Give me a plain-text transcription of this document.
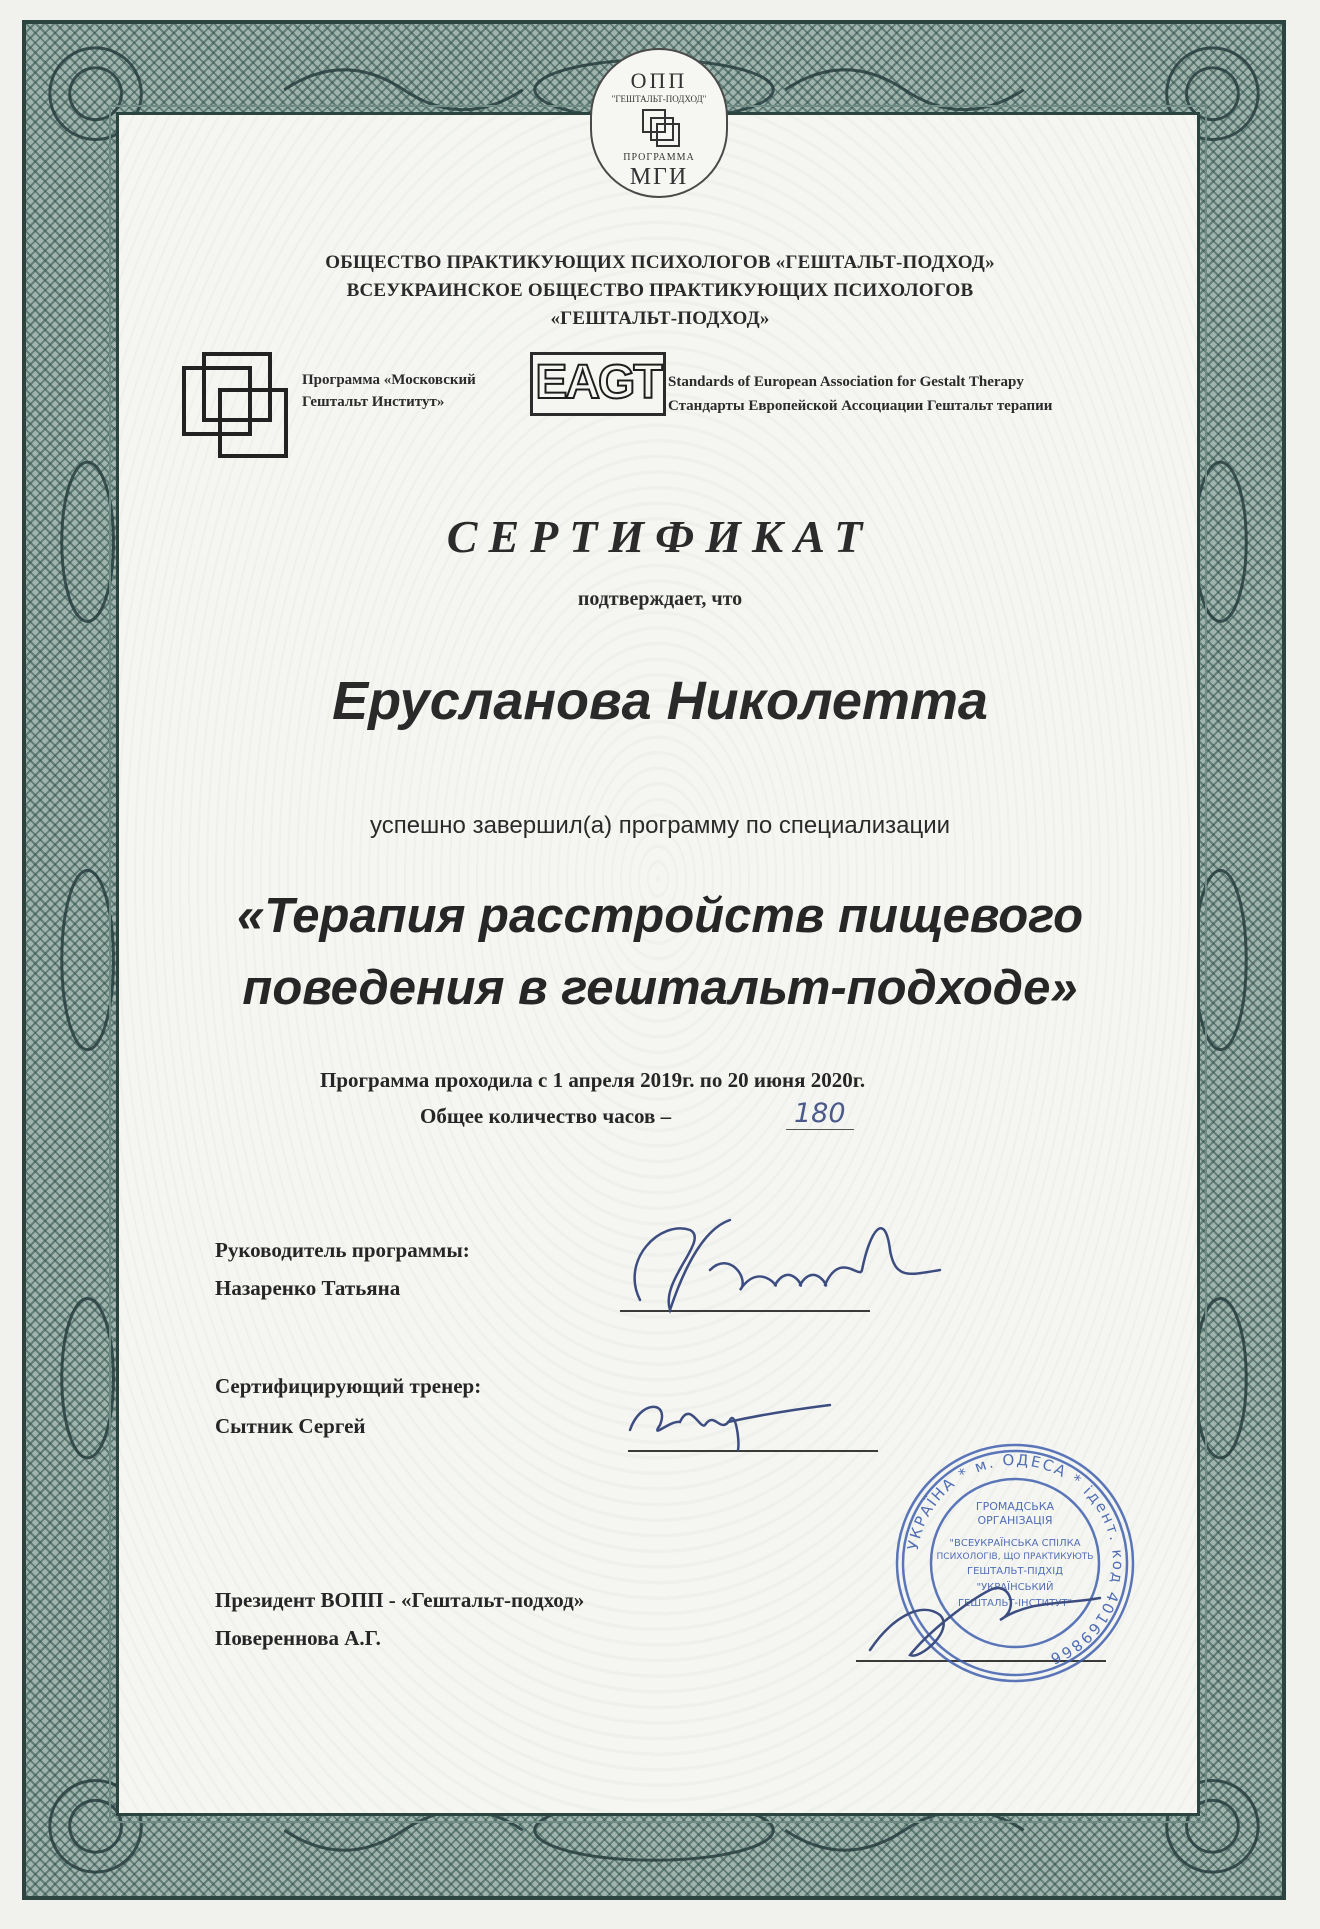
ОПП
"ГЕШТАЛЬТ-ПОДХОД"
ПРОГРАММА
МГИ
ОБЩЕСТВО ПРАКТИКУЮЩИХ ПСИХОЛОГОВ «ГЕШТАЛЬТ-ПОДХОД»
ВСЕУКРАИНСКОЕ ОБЩЕСТВО ПРАКТИКУЮЩИХ ПСИХОЛОГОВ
«ГЕШТАЛЬТ-ПОДХОД»
Программа «Московский
Гештальт Институт» EAGT Standards of European Association for Gestalt Therapy
Стандарты Европейской Ассоциации Гештальт терапии
СЕРТИФИКАТ
подтверждает, что
Еруслановa Николетта
успешно завершил(а) программу по специализации
«Терапия расстройств пищевого
поведения в гештальт-подходе»
Программа проходила с 1 апреля 2019г. по 20 июня 2020г.
Общее количество часов –	180
Руководитель программы:
Назаренко Татьяна
Сертифицирующий тренер:
Сытник Сергей
Президент ВОПП - «Гештальт-подход»
Повереннова А.Г.
УКРАЇНА * м. ОДЕСА * ідент. код 40169866
ГРОМАДСЬКА
ОРГАНІЗАЦІЯ
"ВСЕУКРАЇНСЬКА СПІЛКА
ПСИХОЛОГІВ, ЩО ПРАКТИКУЮТЬ
ГЕШТАЛЬТ-ПІДХІД
"УКРАЇНСЬКИЙ
ГЕШТАЛЬТ-ІНСТИТУТ"
